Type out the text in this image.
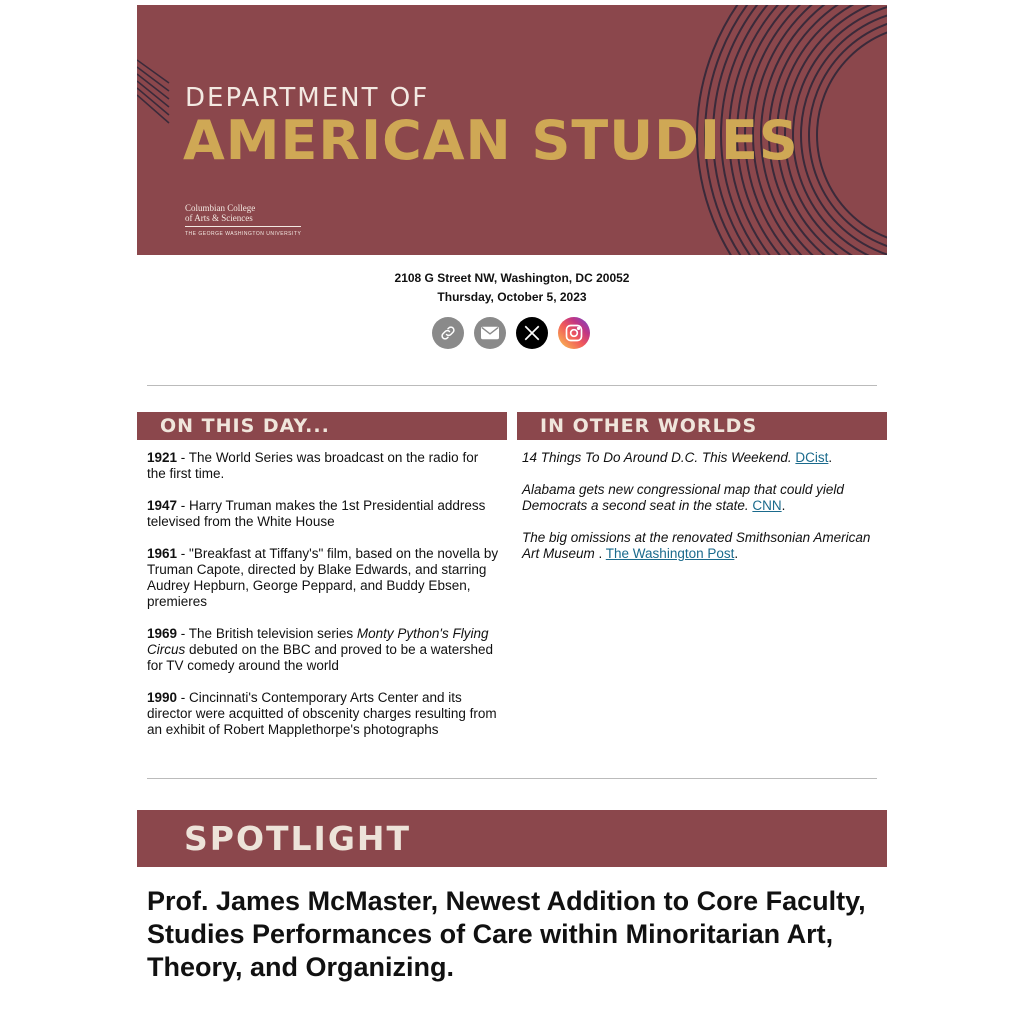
DEPARTMENT OF
AMERICAN STUDIES
Columbian College
of Arts & Sciences
THE GEORGE WASHINGTON UNIVERSITY
2108 G Street NW, Washington, DC 20052
Thursday, October 5, 2023
ON THIS DAY...	IN OTHER WORLDS

1921 - The World Series was broadcast on the radio for the first time.

1947 - Harry Truman makes the 1st Presidential address televised from the White House

1961 - "Breakfast at Tiffany's" film, based on the novella by Truman Capote, directed by Blake Edwards, and starring Audrey Hepburn, George Peppard, and Buddy Ebsen, premieres

1969 - The British television series Monty Python's Flying Circus debuted on the BBC and proved to be a watershed for TV comedy around the world

1990 - Cincinnati's Contemporary Arts Center and its director were acquitted of obscenity charges resulting from an exhibit of Robert Mapplethorpe's photographs

14 Things To Do Around D.C. This Weekend. DCist.

Alabama gets new congressional map that could yield Democrats a second seat in the state. CNN.

The big omissions at the renovated Smithsonian American Art Museum . The Washington Post.

SPOTLIGHT
Prof. James McMaster, Newest Addition to Core Faculty, Studies Performances of Care within Minoritarian Art, Theory, and Organizing.
